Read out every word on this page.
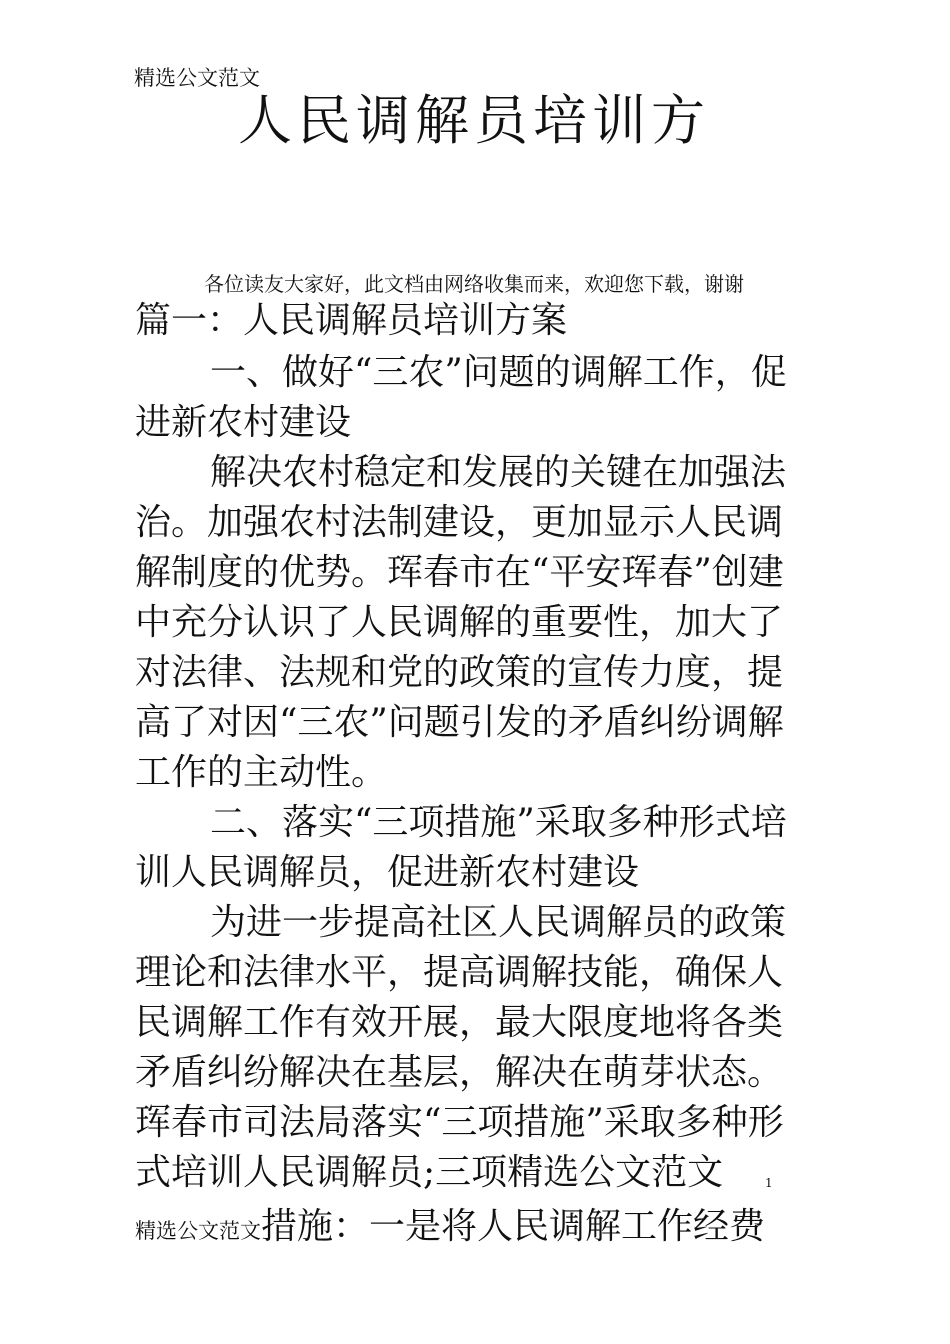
精选公文范文
人民调解员培训方
各位读友大家好，此文档由网络收集而来，欢迎您下载，谢谢
篇一：人民调解员培训方案
一、做好“三农”问题的调解工作，促
进新农村建设
解决农村稳定和发展的关键在加强法
治。加强农村法制建设，更加显示人民调
解制度的优势。珲春市在“平安珲春”创建
中充分认识了人民调解的重要性，加大了
对法律、法规和党的政策的宣传力度，提
高了对因“三农”问题引发的矛盾纠纷调解
工作的主动性。
二、落实“三项措施”采取多种形式培
训人民调解员，促进新农村建设
为进一步提高社区人民调解员的政策
理论和法律水平，提高调解技能，确保人
民调解工作有效开展，最大限度地将各类
矛盾纠纷解决在基层，解决在萌芽状态。
珲春市司法局落实“三项措施”采取多种形
式培训人民调解员;三项精选公文范文	1
精选公文范文措施：一是将人民调解工作经费
